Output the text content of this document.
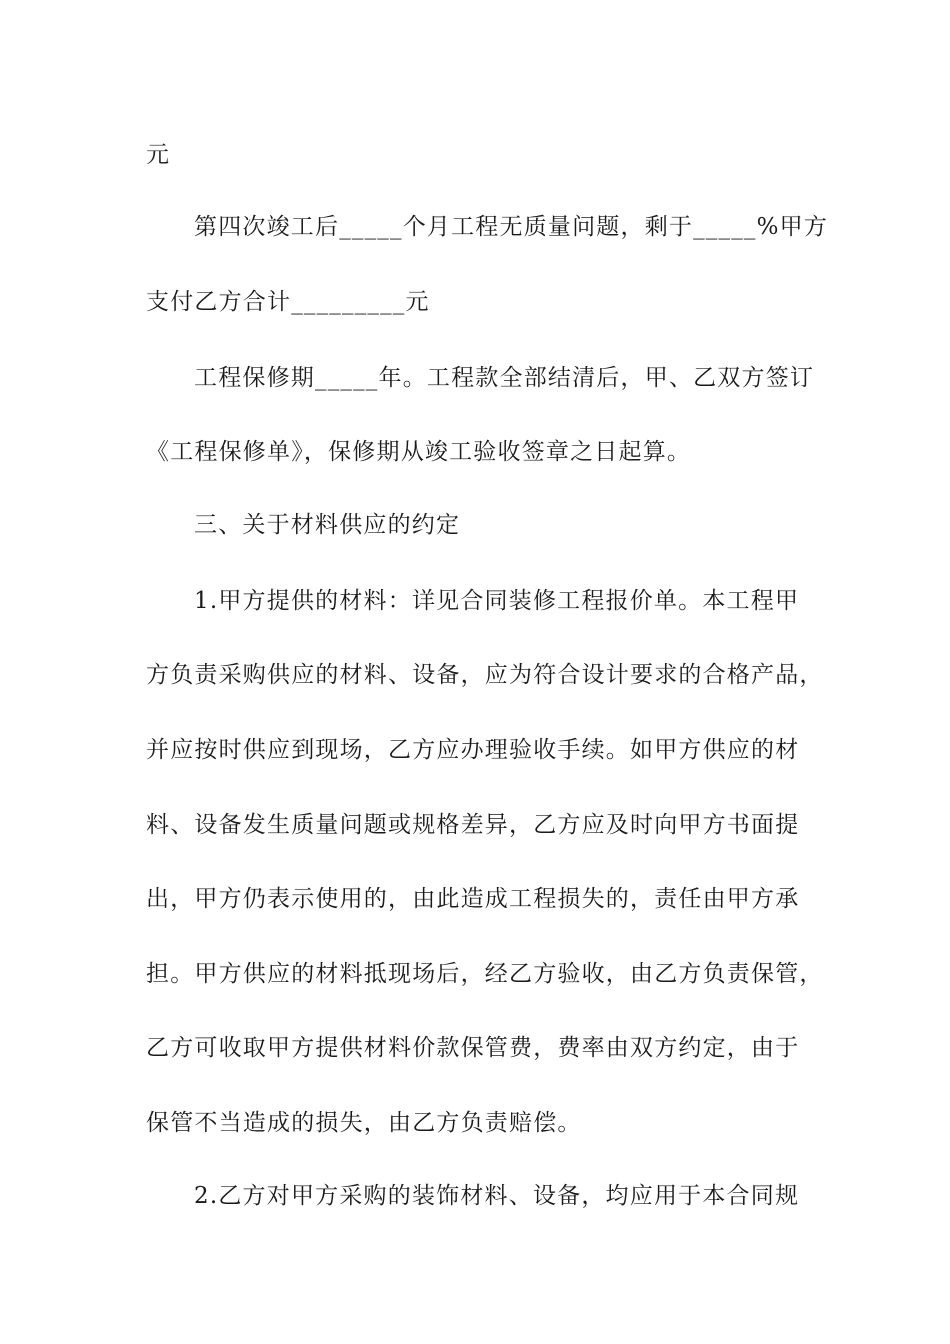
元
第四次竣工后_____个月工程无质量问题，剩于_____%甲方
支付乙方合计_________元
工程保修期_____年。工程款全部结清后，甲、乙双方签订
《工程保修单》，保修期从竣工验收签章之日起算。
三、关于材料供应的约定
1.甲方提供的材料：详见合同装修工程报价单。本工程甲
方负责采购供应的材料、设备，应为符合设计要求的合格产品，
并应按时供应到现场，乙方应办理验收手续。如甲方供应的材
料、设备发生质量问题或规格差异，乙方应及时向甲方书面提
出，甲方仍表示使用的，由此造成工程损失的，责任由甲方承
担。甲方供应的材料抵现场后，经乙方验收，由乙方负责保管，
乙方可收取甲方提供材料价款保管费，费率由双方约定，由于
保管不当造成的损失，由乙方负责赔偿。
2.乙方对甲方采购的装饰材料、设备，均应用于本合同规
